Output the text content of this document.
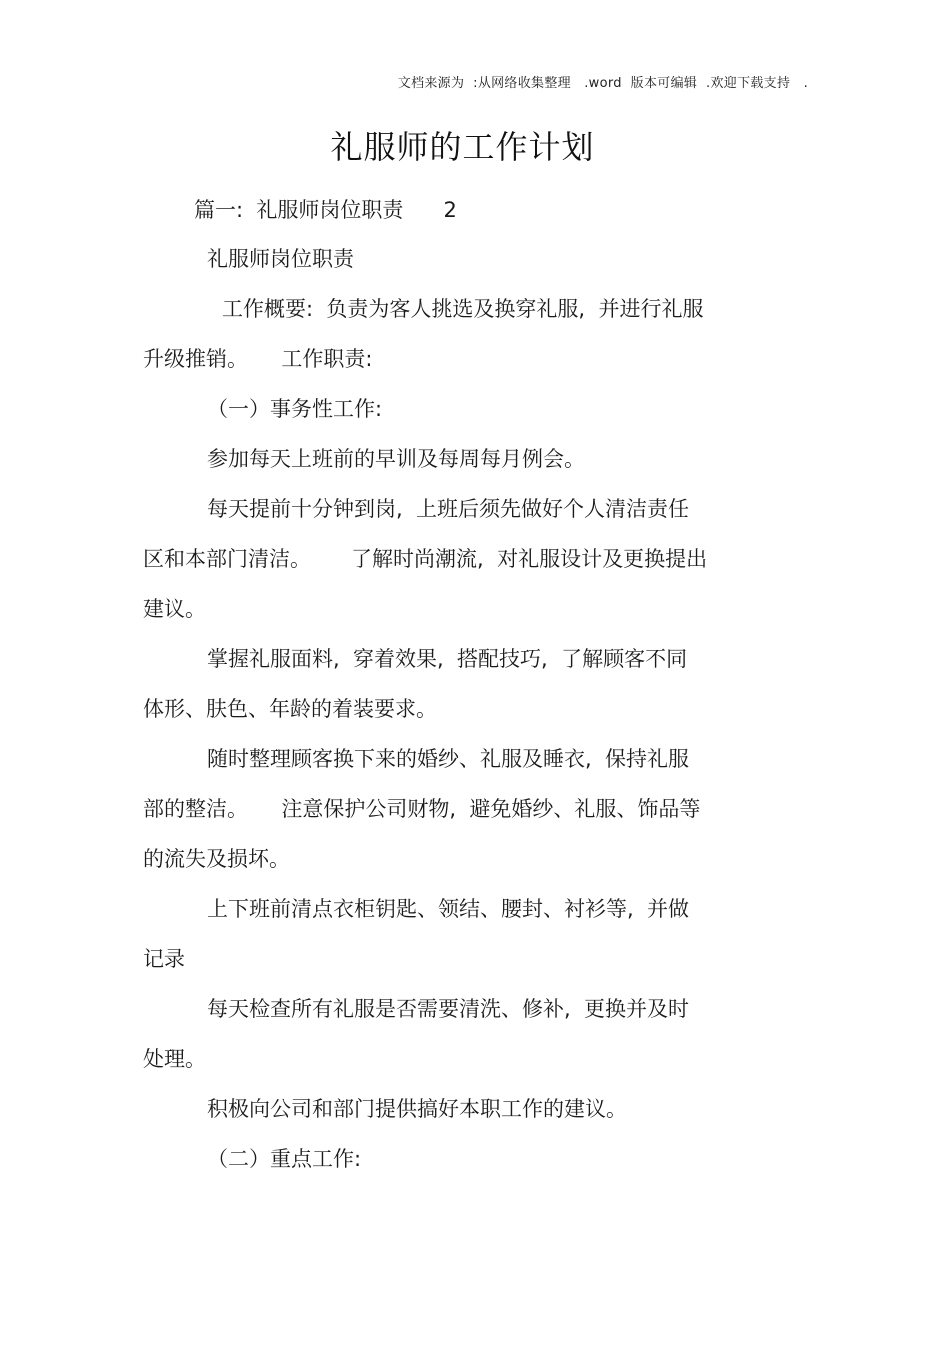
文档来源为  :从网络收集整理   .word  版本可编辑  .欢迎下载支持   .
礼服师的工作计划
篇一:  礼服师岗位职责      2
礼服师岗位职责
工作概要:  负责为客人挑选及换穿礼服,  并进行礼服
升级推销。     工作职责:
（一）事务性工作:
参加每天上班前的早训及每周每月例会。
每天提前十分钟到岗,  上班后须先做好个人清洁责任
区和本部门清洁。      了解时尚潮流,  对礼服设计及更换提出
建议。
掌握礼服面料,  穿着效果,  搭配技巧,  了解顾客不同
体形、肤色、年龄的着装要求。
随时整理顾客换下来的婚纱、礼服及睡衣,  保持礼服
部的整洁。     注意保护公司财物,  避免婚纱、礼服、饰品等
的流失及损坏。
上下班前清点衣柜钥匙、领结、腰封、衬衫等,  并做
记录
每天检查所有礼服是否需要清洗、修补,  更换并及时
处理。
积极向公司和部门提供搞好本职工作的建议。
（二）重点工作:
